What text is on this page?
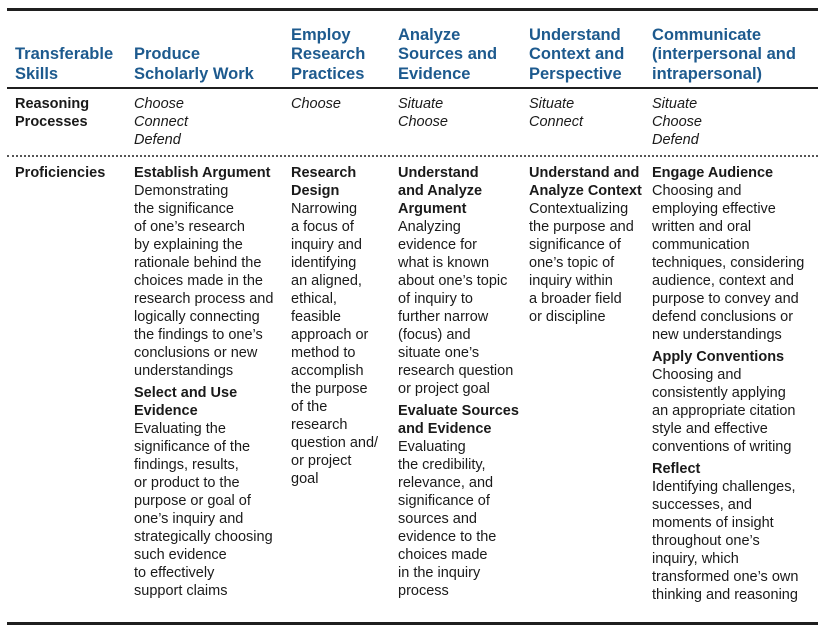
Transferable
Skills
Produce
Scholarly Work
Employ
Research
Practices
Analyze
Sources and
Evidence
Understand
Context and
Perspective
Communicate
(interpersonal and
intrapersonal)
Reasoning
Processes
Choose
Connect
Defend
Choose	Situate
Choose
Situate
Connect
Situate
Choose
Defend
Proficiencies	Establish Argument
Demonstrating
the significance
of one’s research
by explaining the
rationale behind the
choices made in the
research process and
logically connecting
the findings to one’s
conclusions or new
understandings
Select and Use
Evidence
Evaluating the
significance of the
findings, results,
or product to the
purpose or goal of
one’s inquiry and
strategically choosing
such evidence
to effectively
support claims
Research
Design
Narrowing
a focus of
inquiry and
identifying
an aligned,
ethical,
feasible
approach or
method to
accomplish
the purpose
of the
research
question and/
or project
goal
Understand
and Analyze
Argument
Analyzing
evidence for
what is known
about one’s topic
of inquiry to
further narrow
(focus) and
situate one’s
research question
or project goal
Evaluate Sources
and Evidence
Evaluating
the credibility,
relevance, and
significance of
sources and
evidence to the
choices made
in the inquiry
process
Understand and
Analyze Context
Contextualizing
the purpose and
significance of
one’s topic of
inquiry within
a broader field
or discipline
Engage Audience
Choosing and
employing effective
written and oral
communication
techniques, considering
audience, context and
purpose to convey and
defend conclusions or
new understandings
Apply Conventions
Choosing and
consistently applying
an appropriate citation
style and effective
conventions of writing
Reflect
Identifying challenges,
successes, and
moments of insight
throughout one’s
inquiry, which
transformed one’s own
thinking and reasoning
